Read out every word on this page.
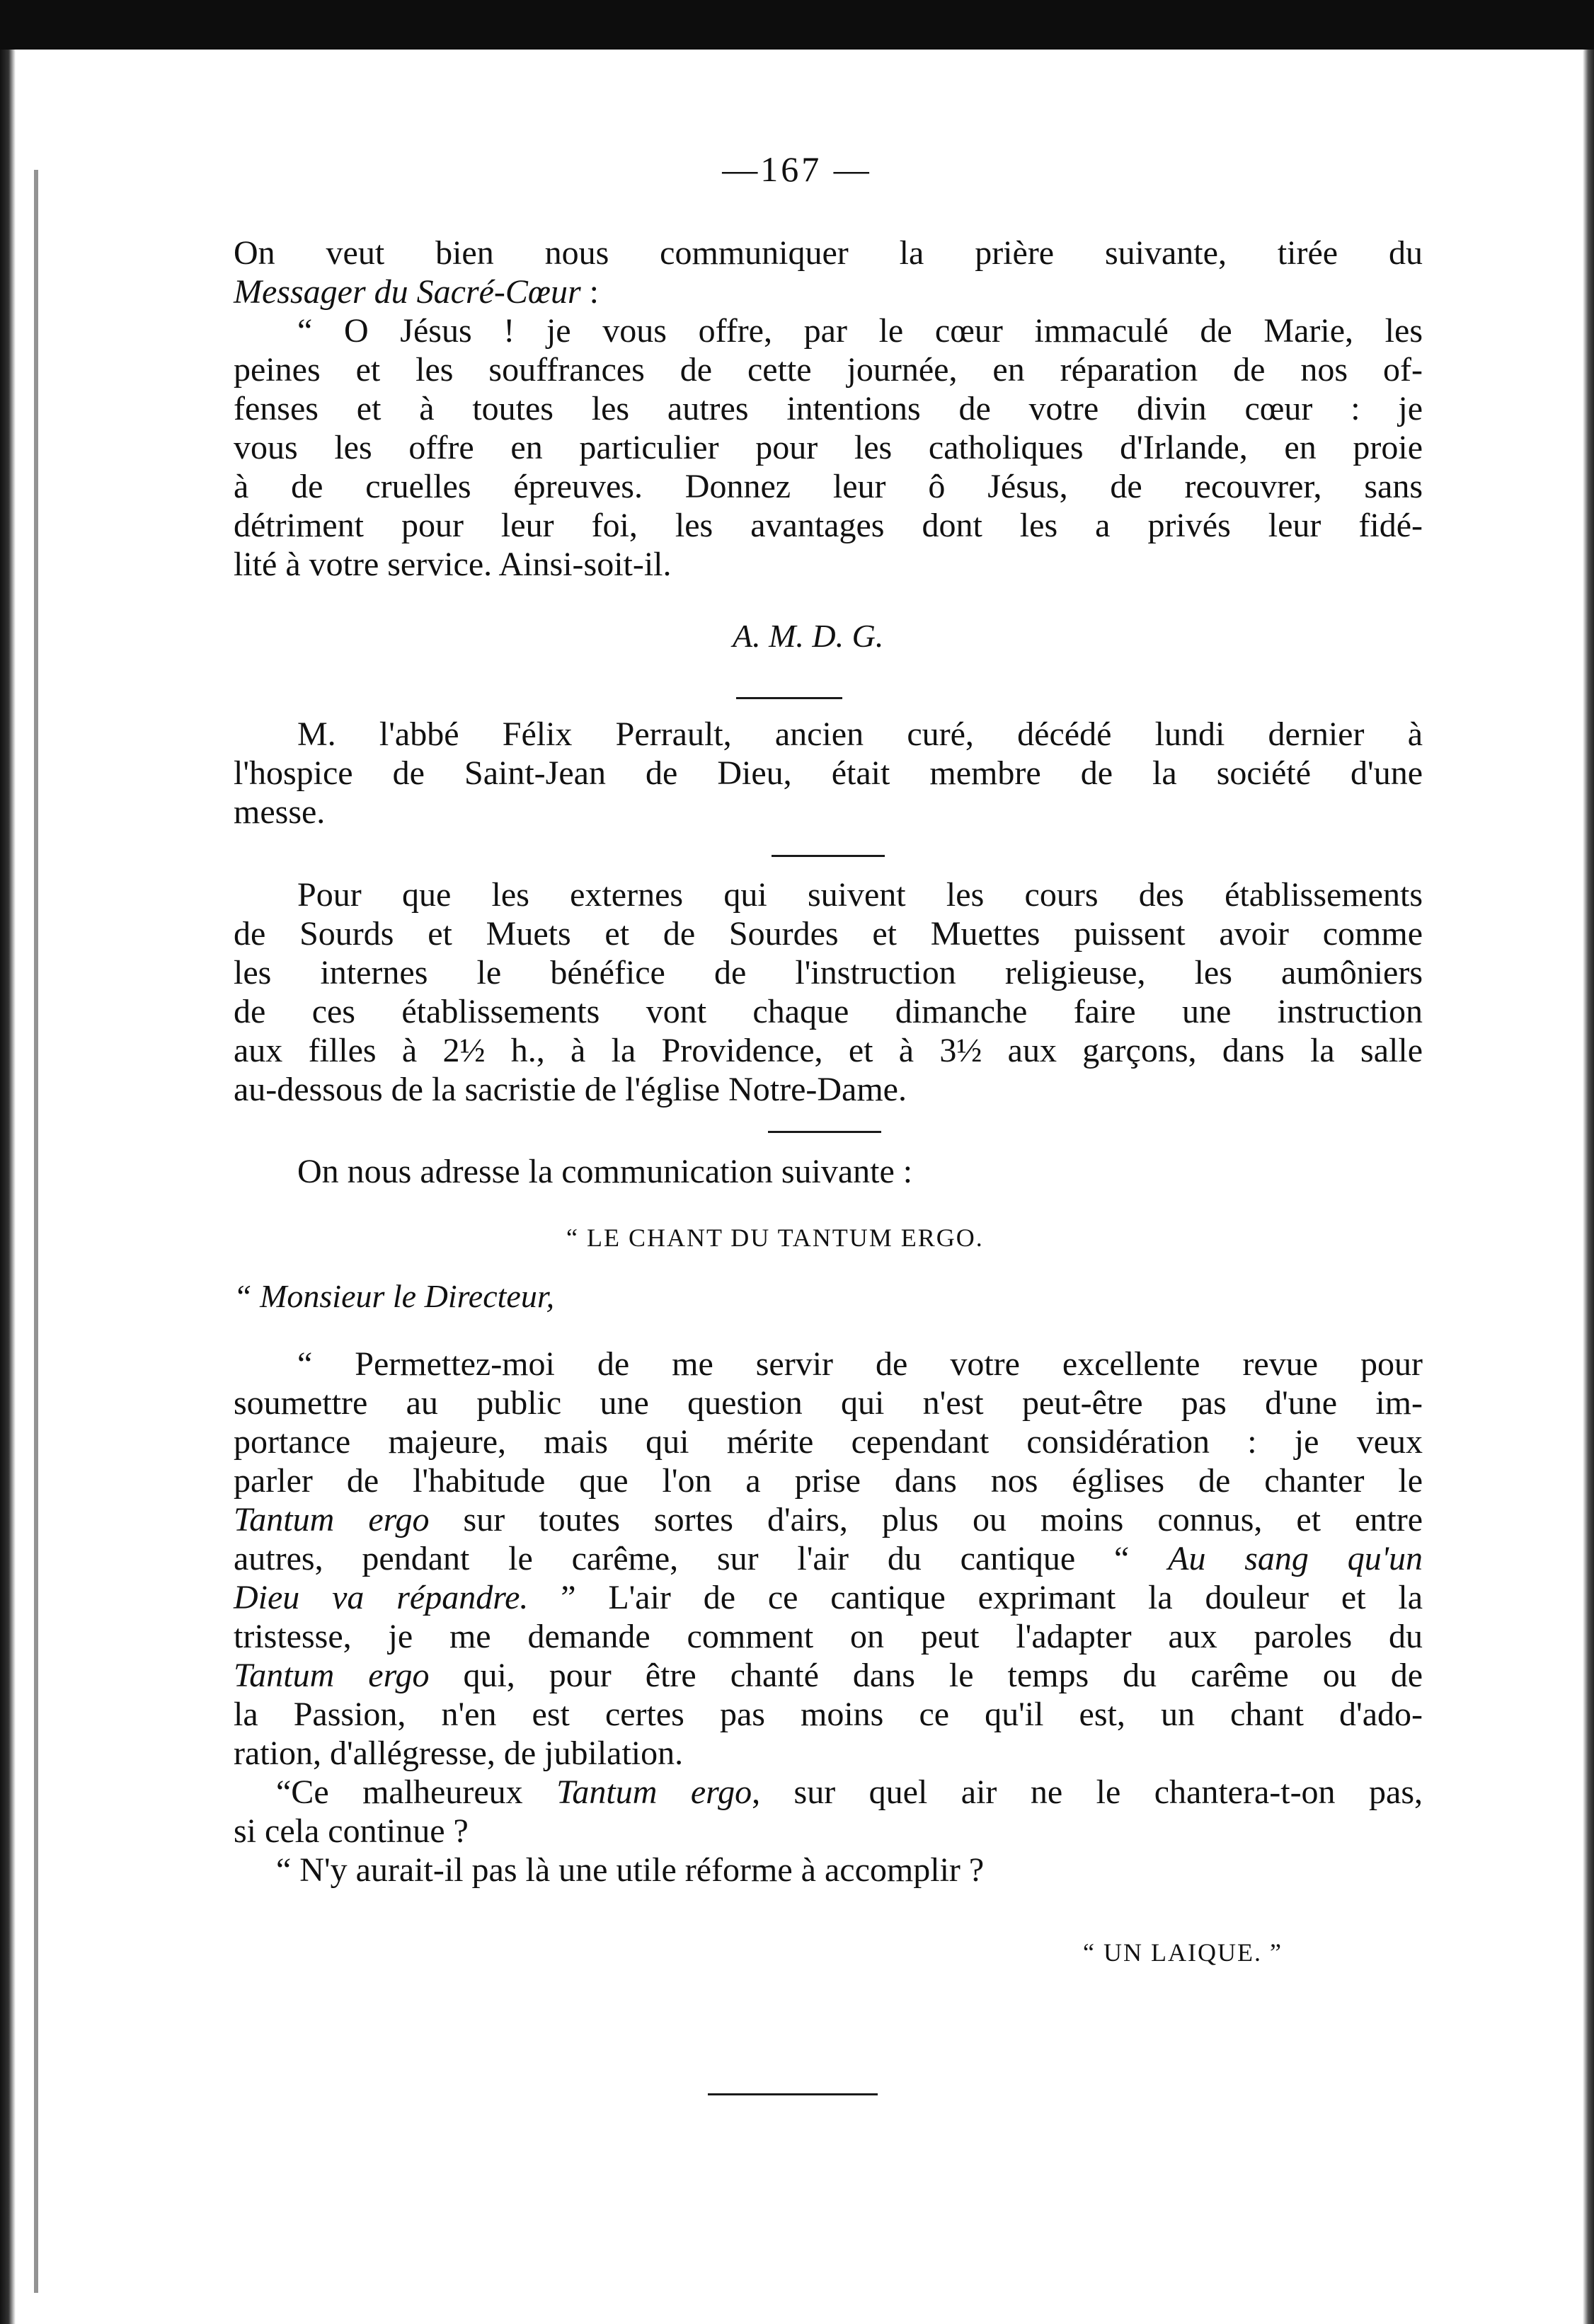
—167 —
On veut bien nous communiquer la prière suivante, tirée du
Messager du Sacré-Cœur :
“ O Jésus ! je vous offre, par le cœur immaculé de Marie, les
peines et les souffrances de cette journée, en réparation de nos of-
fenses et à toutes les autres intentions de votre divin cœur : je
vous les offre en particulier pour les catholiques d'Irlande, en proie
à de cruelles épreuves. Donnez leur ô Jésus, de recouvrer, sans
détriment pour leur foi, les avantages dont les a privés leur fidé-
lité à votre service. Ainsi-soit-il.
A. M. D. G.
M. l'abbé Félix Perrault, ancien curé, décédé lundi dernier à
l'hospice de Saint-Jean de Dieu, était membre de la société d'une
messe.
Pour que les externes qui suivent les cours des établissements
de Sourds et Muets et de Sourdes et Muettes puissent avoir comme
les internes le bénéfice de l'instruction religieuse, les aumôniers
de ces établissements vont chaque dimanche faire une instruction
aux filles à 2½ h., à la Providence, et à 3½ aux garçons, dans la salle
au-dessous de la sacristie de l'église Notre-Dame.
On nous adresse la communication suivante :
“ LE CHANT DU TANTUM ERGO.
“ Monsieur le Directeur,
“ Permettez-moi de me servir de votre excellente revue pour
soumettre au public une question qui n'est peut-être pas d'une im-
portance majeure, mais qui mérite cependant considération : je veux
parler de l'habitude que l'on a prise dans nos églises de chanter le
Tantum ergo sur toutes sortes d'airs, plus ou moins connus, et entre
autres, pendant le carême, sur l'air du cantique “ Au sang qu'un
Dieu va répandre. ” L'air de ce cantique exprimant la douleur et la
tristesse, je me demande comment on peut l'adapter aux paroles du
Tantum ergo qui, pour être chanté dans le temps du carême ou de
la Passion, n'en est certes pas moins ce qu'il est, un chant d'ado-
ration, d'allégresse, de jubilation.
“Ce malheureux Tantum ergo, sur quel air ne le chantera-t-on pas,
si cela continue ?
“ N'y aurait-il pas là une utile réforme à accomplir ?
“ UN LAIQUE. ”
